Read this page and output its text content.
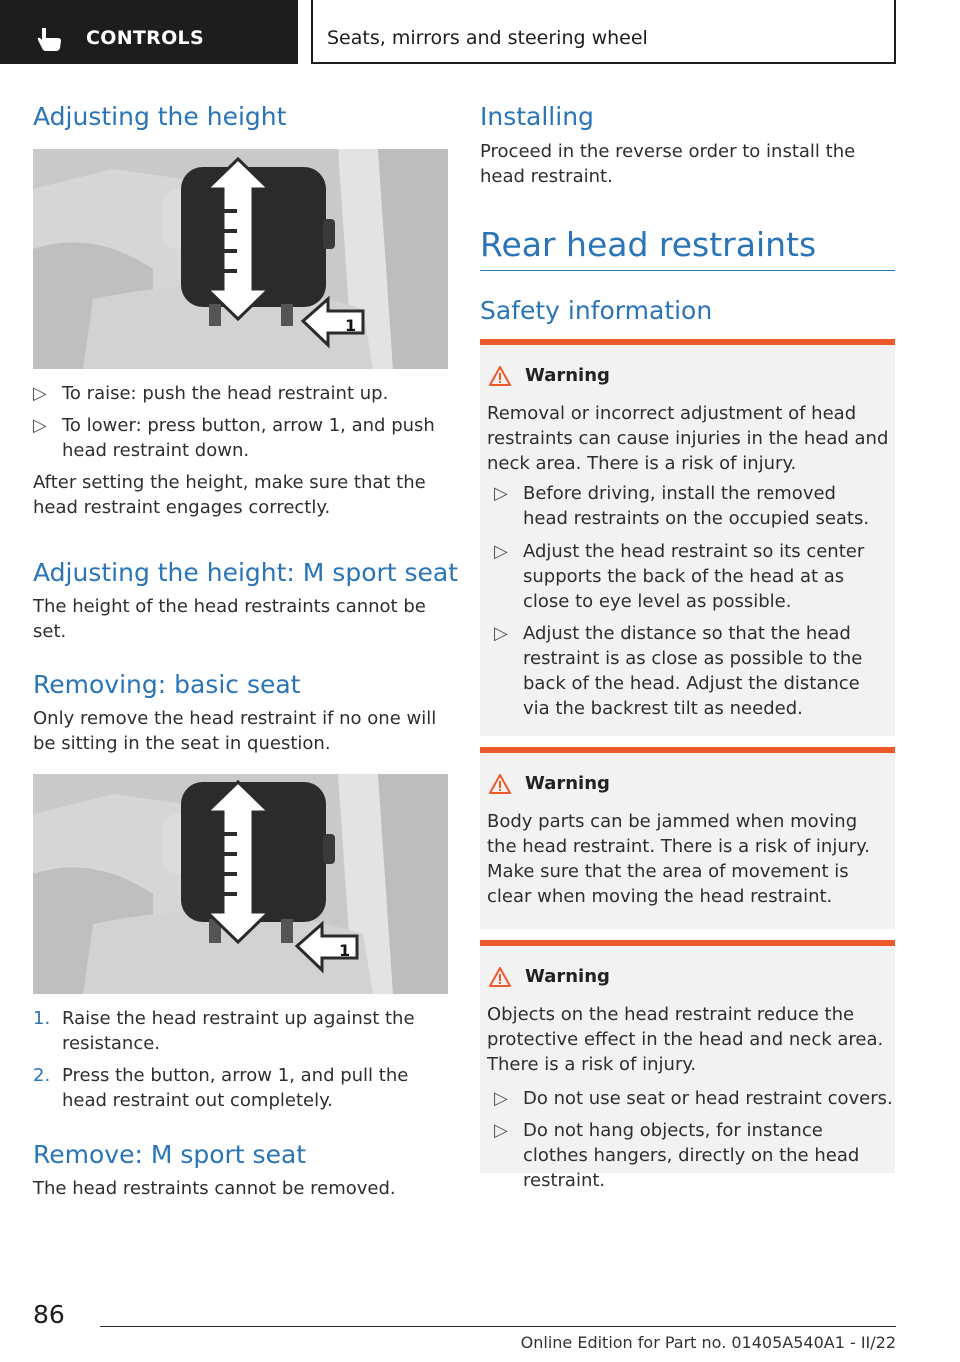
CONTROLS	Seats, mirrors and steering wheel
Adjusting the height
1
▷ To raise: push the head restraint up.
▷ To lower: press button, arrow 1, and push head restraint down.
After setting the height, make sure that the head restraint engages correctly.
Adjusting the height: M sport seat
The height of the head restraints cannot be set.
Removing: basic seat
Only remove the head restraint if no one will be sitting in the seat in question.
1
1. Raise the head restraint up against the resistance.
2. Press the button, arrow 1, and pull the head restraint out completely.
Remove: M sport seat
The head restraints cannot be removed.
Installing
Proceed in the reverse order to install the head restraint.
Rear head restraints
Safety information
Warning
Removal or incorrect adjustment of head restraints can cause injuries in the head and neck area. There is a risk of injury.
▷ Before driving, install the removed head restraints on the occupied seats.
▷ Adjust the head restraint so its center supports the back of the head at as close to eye level as possible.
▷ Adjust the distance so that the head restraint is as close as possible to the back of the head. Adjust the distance via the backrest tilt as needed.
Warning
Body parts can be jammed when moving the head restraint. There is a risk of injury. Make sure that the area of movement is clear when moving the head restraint.
Warning
Objects on the head restraint reduce the protective effect in the head and neck area. There is a risk of injury.
▷ Do not use seat or head restraint covers.
▷ Do not hang objects, for instance clothes hangers, directly on the head restraint.
86
Online Edition for Part no. 01405A540A1 - II/22
